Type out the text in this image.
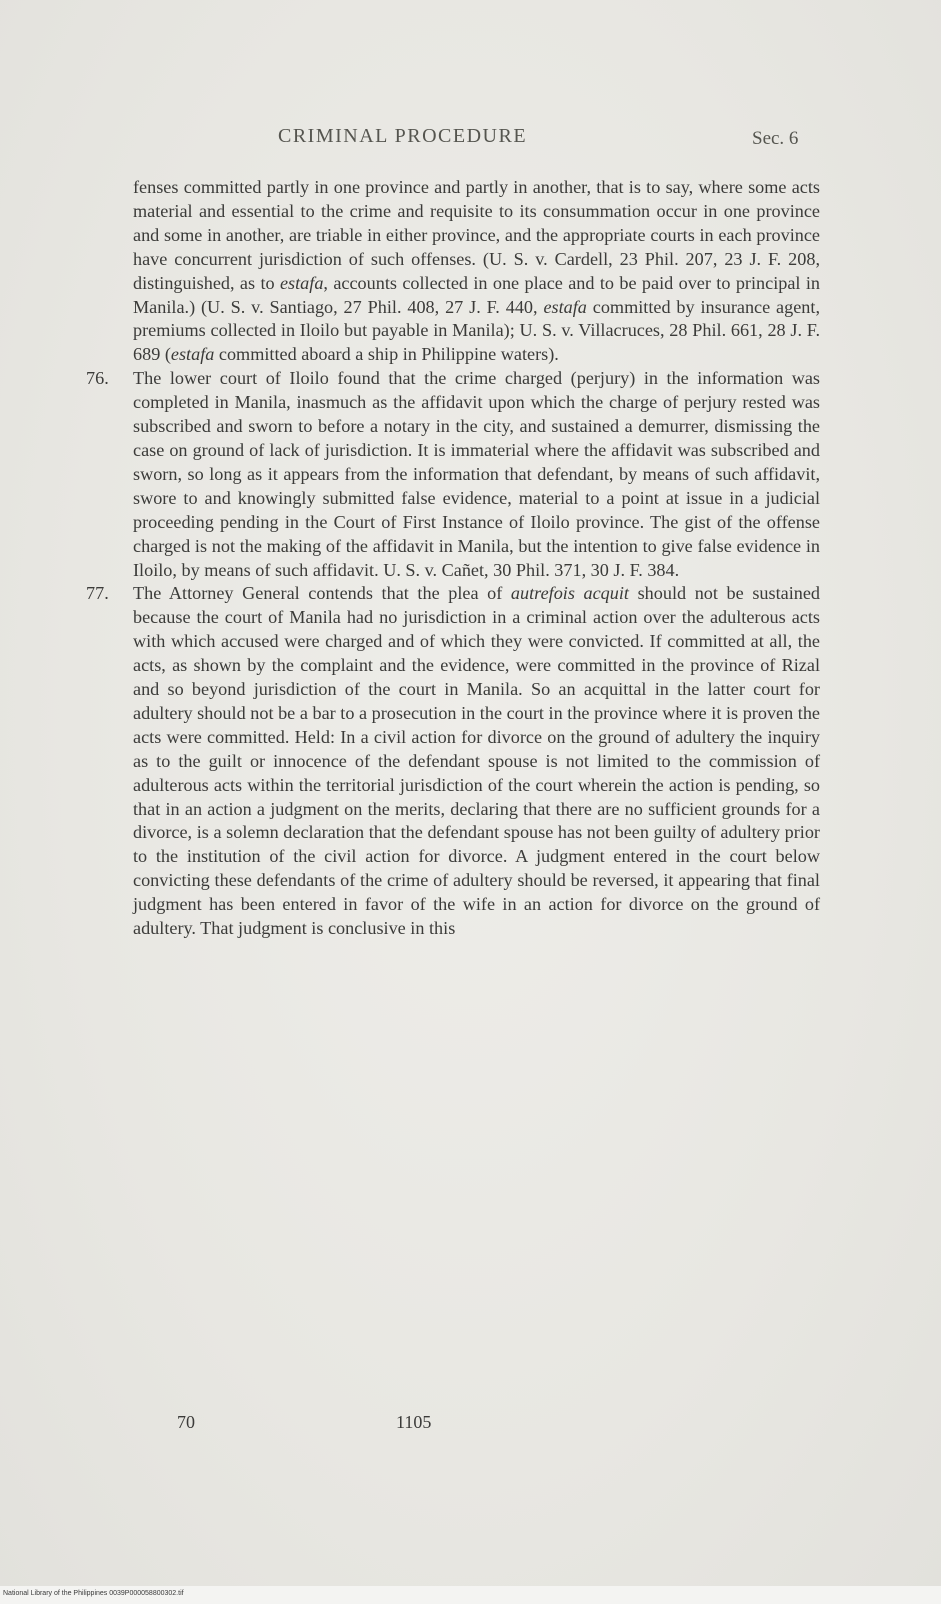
CRIMINAL PROCEDURE	Sec. 6

fenses committed partly in one province and partly in another, that is to say, where some acts material and essential to the crime and requisite to its consummation occur in one province and some in another, are triable in either province, and the appropriate courts in each province have concurrent jurisdiction of such offenses. (U. S. v. Cardell, 23 Phil. 207, 23 J. F. 208, distinguished, as to estafa, accounts collected in one place and to be paid over to principal in Manila.) (U. S. v. Santiago, 27 Phil. 408, 27 J. F. 440, estafa committed by insurance agent, premiums collected in Iloilo but payable in Manila); U. S. v. Villacruces, 28 Phil. 661, 28 J. F. 689 (estafa committed aboard a ship in Philippine waters).

76. The lower court of Iloilo found that the crime charged (perjury) in the information was completed in Manila, inasmuch as the affidavit upon which the charge of perjury rested was subscribed and sworn to before a notary in the city, and sustained a demurrer, dismissing the case on ground of lack of jurisdiction. It is immaterial where the affidavit was subscribed and sworn, so long as it appears from the information that defendant, by means of such affidavit, swore to and knowingly submitted false evidence, material to a point at issue in a judicial proceeding pending in the Court of First Instance of Iloilo province. The gist of the offense charged is not the making of the affidavit in Manila, but the intention to give false evidence in Iloilo, by means of such affidavit. U. S. v. Cañet, 30 Phil. 371, 30 J. F. 384.

77. The Attorney General contends that the plea of autrefois acquit should not be sustained because the court of Manila had no jurisdiction in a criminal action over the adulterous acts with which accused were charged and of which they were convicted. If committed at all, the acts, as shown by the complaint and the evidence, were committed in the province of Rizal and so beyond jurisdiction of the court in Manila. So an acquittal in the latter court for adultery should not be a bar to a prosecution in the court in the province where it is proven the acts were committed. Held: In a civil action for divorce on the ground of adultery the inquiry as to the guilt or innocence of the defendant spouse is not limited to the commission of adulterous acts within the territorial jurisdiction of the court wherein the action is pending, so that in an action a judgment on the merits, declaring that there are no sufficient grounds for a divorce, is a solemn declaration that the defendant spouse has not been guilty of adultery prior to the institution of the civil action for divorce. A judgment entered in the court below convicting these defendants of the crime of adultery should be reversed, it appearing that final judgment has been entered in favor of the wife in an action for divorce on the ground of adultery. That judgment is conclusive in this

70	1105
National Library of the Philippines 0039P000058800302.tif
